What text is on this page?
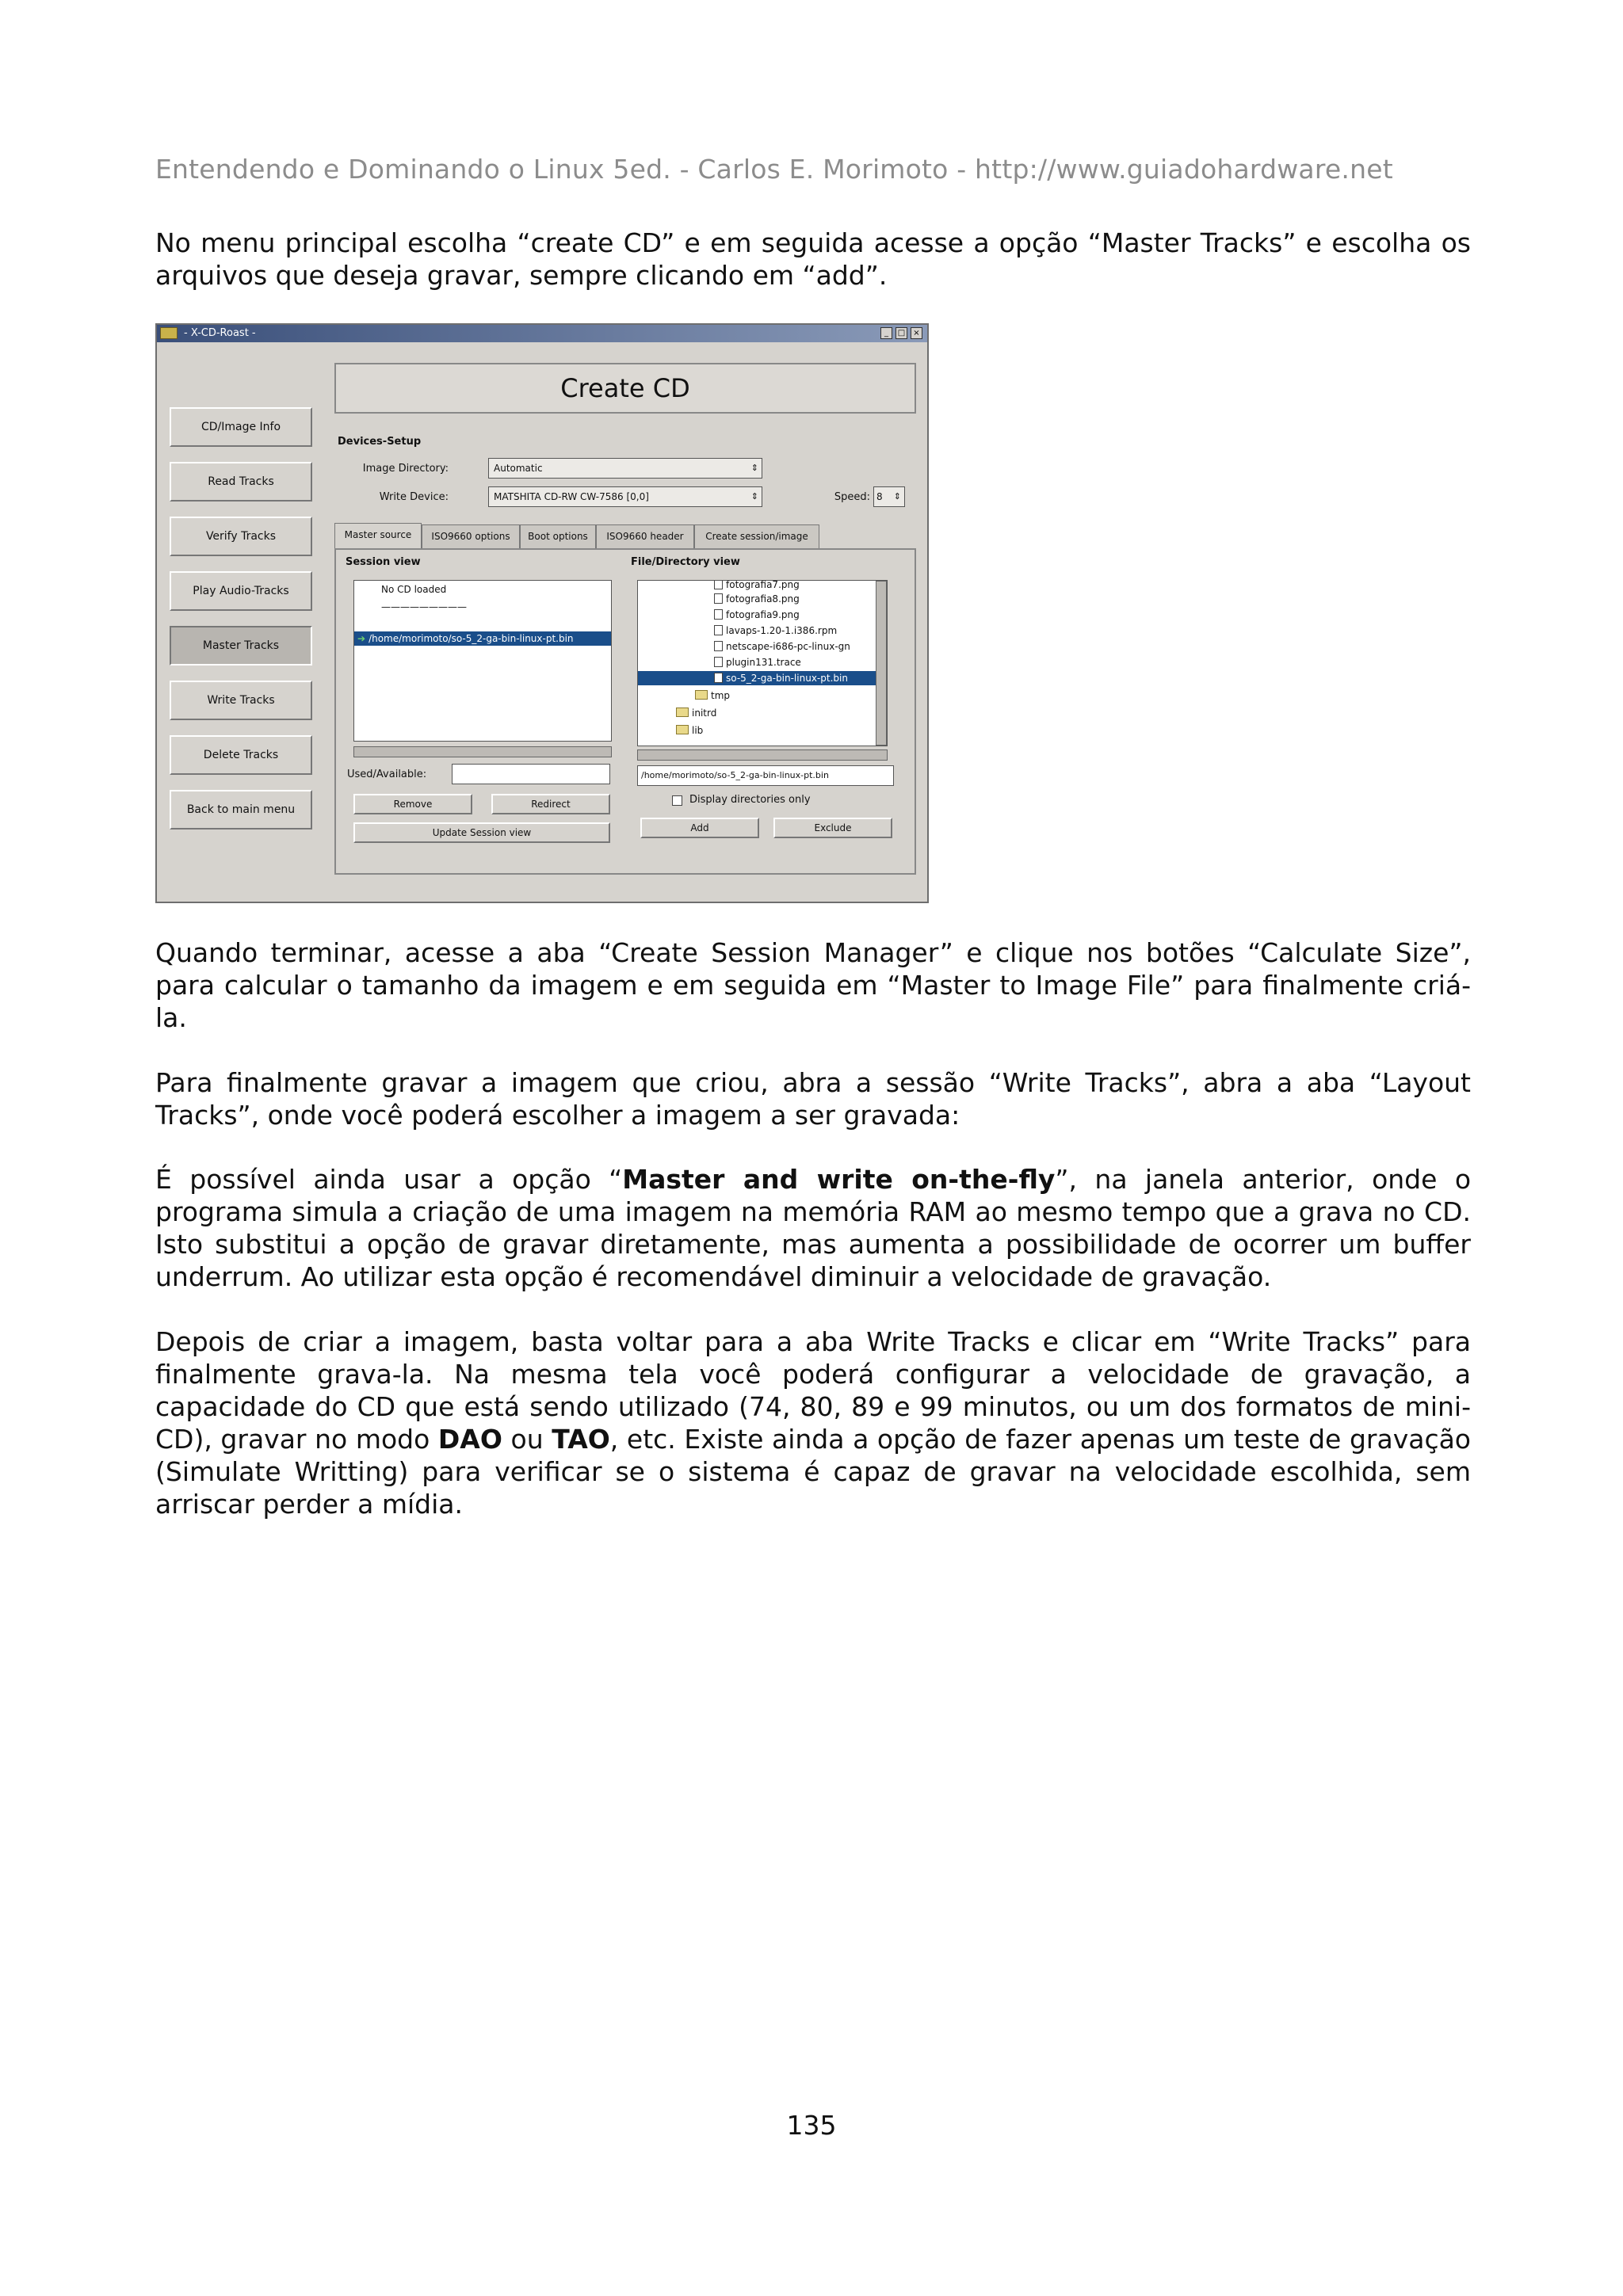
Entendendo e Dominando o Linux 5ed. - Carlos E. Morimoto - http://www.guiadohardware.net
No menu principal escolha “create CD” e em seguida acesse a opção “Master Tracks” e escolha os arquivos que deseja gravar, sempre clicando em “add”.
- X-CD-Roast -	_	□	×
CD/Image Info
Read Tracks
Verify Tracks
Play Audio-Tracks
Master Tracks
Write Tracks
Delete Tracks
Back to main menu
Create CD
Devices-Setup
Image Directory:	Automatic	⇕
Write Device:	MATSHITA CD-RW CW-7586 [0,0]	⇕	Speed: 8 ⇕
Master source	ISO9660 options	Boot options	ISO9660 header	Create session/image
Session view
No CD loaded
—————————
➔ /home/morimoto/so-5_2-ga-bin-linux-pt.bin
Used/Available:
Remove	Redirect
Update Session view
File/Directory view
fotografia7.png
fotografia8.png
fotografia9.png
lavaps-1.20-1.i386.rpm
netscape-i686-pc-linux-gn
plugin131.trace
so-5_2-ga-bin-linux-pt.bin
tmp
initrd
lib
/home/morimoto/so-5_2-ga-bin-linux-pt.bin
Display directories only
Add	Exclude
Quando terminar, acesse a aba “Create Session Manager” e clique nos botões “Calculate Size”, para calcular o tamanho da imagem e em seguida em “Master to Image File” para finalmente criá-la.
Para finalmente gravar a imagem que criou, abra a sessão “Write Tracks”, abra a aba “Layout Tracks”, onde você poderá escolher a imagem a ser gravada:
É possível ainda usar a opção “Master and write on-the-fly”, na janela anterior, onde o programa simula a criação de uma imagem na memória RAM ao mesmo tempo que a grava no CD. Isto substitui a opção de gravar diretamente, mas aumenta a possibilidade de ocorrer um buffer underrum. Ao utilizar esta opção é recomendável diminuir a velocidade de gravação.
Depois de criar a imagem, basta voltar para a aba Write Tracks e clicar em “Write Tracks” para finalmente grava-la. Na mesma tela você poderá configurar a velocidade de gravação, a capacidade do CD que está sendo utilizado (74, 80, 89 e 99 minutos, ou um dos formatos de mini-CD), gravar no modo DAO ou TAO, etc. Existe ainda a opção de fazer apenas um teste de gravação (Simulate Writting) para verificar se o sistema é capaz de gravar na velocidade escolhida, sem arriscar perder a mídia.
135
